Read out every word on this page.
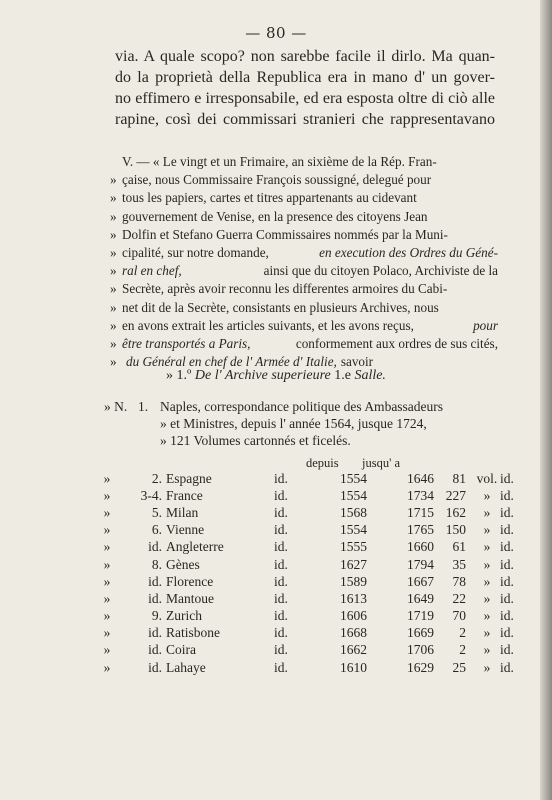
— 80 —
via. A quale scopo? non sarebbe facile il dirlo. Ma quan-
do la proprietà della Republica era in mano d' un gover-
no effimero e irresponsabile, ed era esposta oltre di ciò alle
rapine, così dei commissari stranieri che rappresentavano
V. — « Le vingt et un Frimaire, an sixième de la Rép. Fran-
» çaise, nous Commissaire François soussigné, delegué pour
» tous les papiers, cartes et titres appartenants au cidevant
» gouvernement de Venise, en la presence des citoyens Jean
» Dolfin et Stefano Guerra Commissaires nommés par la Muni-
» cipalité, sur notre domande,	en execution des Ordres du Géné-
» ral en chef,	ainsi que du citoyen Polaco, Archiviste de la
» Secrète, après avoir reconnu les differentes armoires du Cabi-
» net dit de la Secrète, consistants en plusieurs Archives, nous
» en avons extrait les articles suivants, et les avons reçus,	pour
» être transportés a Paris,	conformement aux ordres de sus cités,
» du Général en chef de l' Armée d' Italie, savoir
» 1.º De l' Archive superieure 1.e Salle.
» N. 1. Naples, correspondance politique des Ambassadeurs
» et Ministres, depuis l' année 1564, jusque 1724,
» 121 Volumes cartonnés et ficelés.
depuis jusqu' a
»	2.	Espagne	id.	1554	1646	81	vol.	id.
»	3-4.	France	id.	1554	1734	227	»	id.
»	5.	Milan	id.	1568	1715	162	»	id.
»	6.	Vienne	id.	1554	1765	150	»	id.
»	id.	Angleterre	id.	1555	1660	61	»	id.
»	8.	Gènes	id.	1627	1794	35	»	id.
»	id.	Florence	id.	1589	1667	78	»	id.
»	id.	Mantoue	id.	1613	1649	22	»	id.
»	9.	Zurich	id.	1606	1719	70	»	id.
»	id.	Ratisbone	id.	1668	1669	2	»	id.
»	id.	Coira	id.	1662	1706	2	»	id.
»	id.	Lahaye	id.	1610	1629	25	»	id.
